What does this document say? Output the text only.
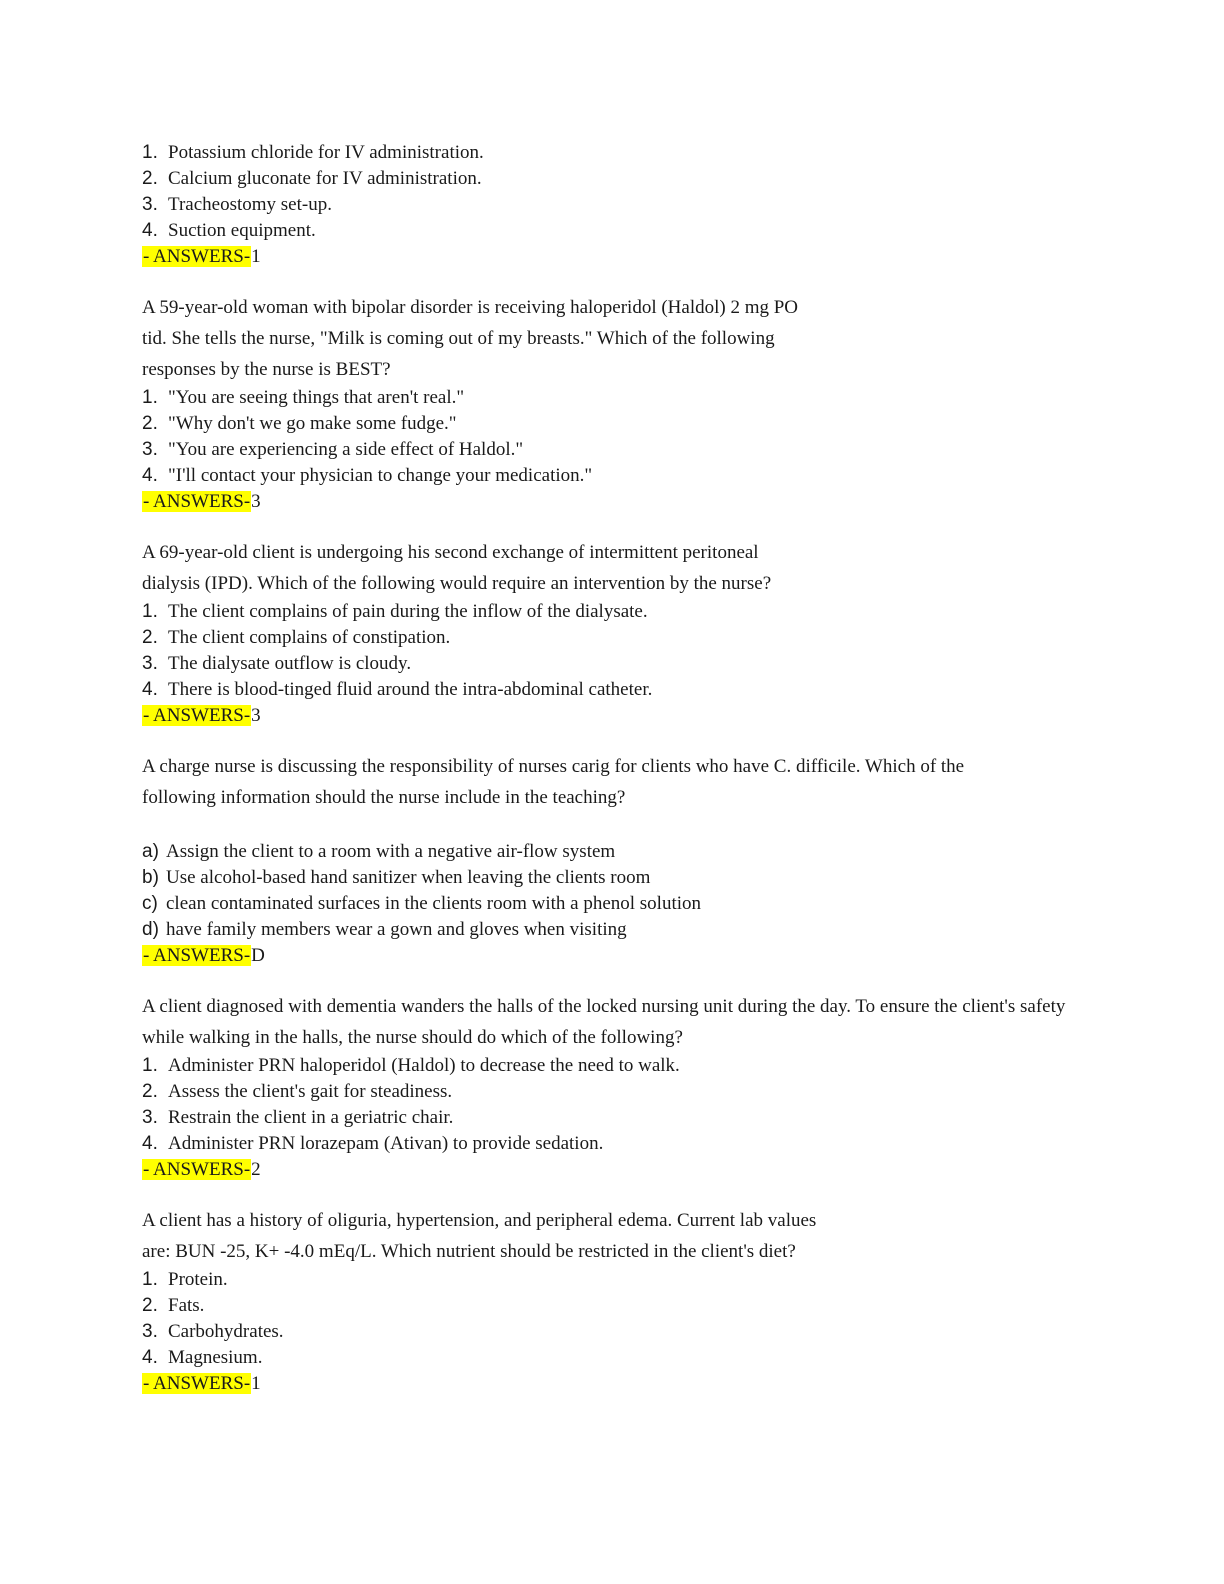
1. Potassium chloride for IV administration.
2. Calcium gluconate for IV administration.
3. Tracheostomy set-up.
4. Suction equipment.
- ANSWERS-1
A 59-year-old woman with bipolar disorder is receiving haloperidol (Haldol) 2 mg PO
tid. She tells the nurse, "Milk is coming out of my breasts." Which of the following
responses by the nurse is BEST?
1. "You are seeing things that aren't real."
2. "Why don't we go make some fudge."
3. "You are experiencing a side effect of Haldol."
4. "I'll contact your physician to change your medication."
- ANSWERS-3
A 69-year-old client is undergoing his second exchange of intermittent peritoneal
dialysis (IPD). Which of the following would require an intervention by the nurse?
1. The client complains of pain during the inflow of the dialysate.
2. The client complains of constipation.
3. The dialysate outflow is cloudy.
4. There is blood-tinged fluid around the intra-abdominal catheter.
- ANSWERS-3
A charge nurse is discussing the responsibility of nurses carig for clients who have C. difficile. Which of the
following information should the nurse include in the teaching?
a) Assign the client to a room with a negative air-flow system
b) Use alcohol-based hand sanitizer when leaving the clients room
c) clean contaminated surfaces in the clients room with a phenol solution
d) have family members wear a gown and gloves when visiting
- ANSWERS-D
A client diagnosed with dementia wanders the halls of the locked nursing unit during the day. To ensure the client's safety
while walking in the halls, the nurse should do which of the following?
1. Administer PRN haloperidol (Haldol) to decrease the need to walk.
2. Assess the client's gait for steadiness.
3. Restrain the client in a geriatric chair.
4. Administer PRN lorazepam (Ativan) to provide sedation.
- ANSWERS-2
A client has a history of oliguria, hypertension, and peripheral edema. Current lab values
are: BUN -25, K+ -4.0 mEq/L. Which nutrient should be restricted in the client's diet?
1. Protein.
2. Fats.
3. Carbohydrates.
4. Magnesium.
- ANSWERS-1
